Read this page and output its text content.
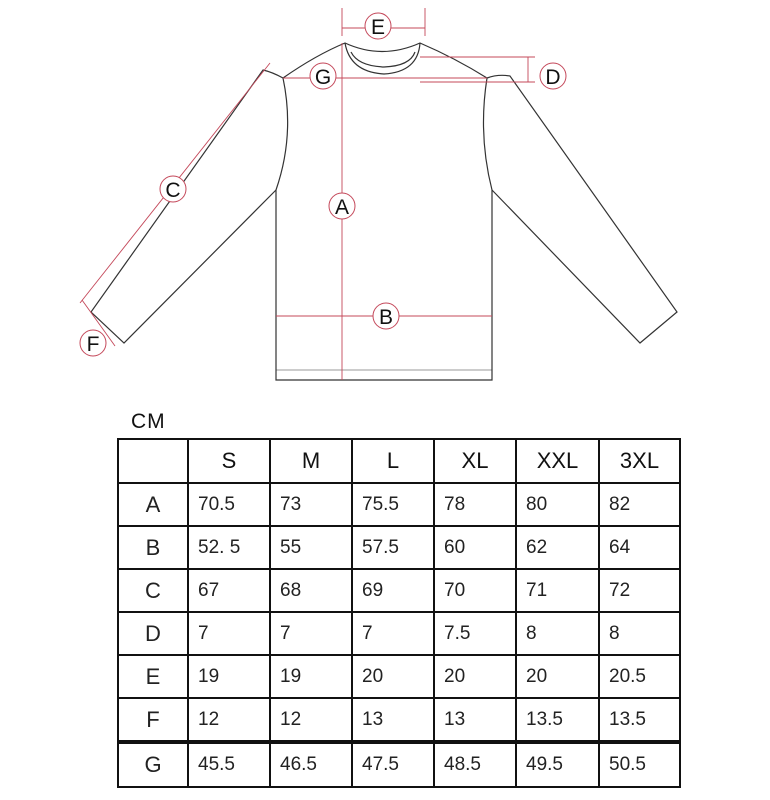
A
B
C
D
E
F
G
CM
	S	M	L	XL	XXL	3XL
A	70.5	73	75.5	78	80	82
B	52. 5	55	57.5	60	62	64
C	67	68	69	70	71	72
D	7	7	7	7.5	8	8
E	19	19	20	20	20	20.5
F	12	12	13	13	13.5	13.5
G	45.5	46.5	47.5	48.5	49.5	50.5
